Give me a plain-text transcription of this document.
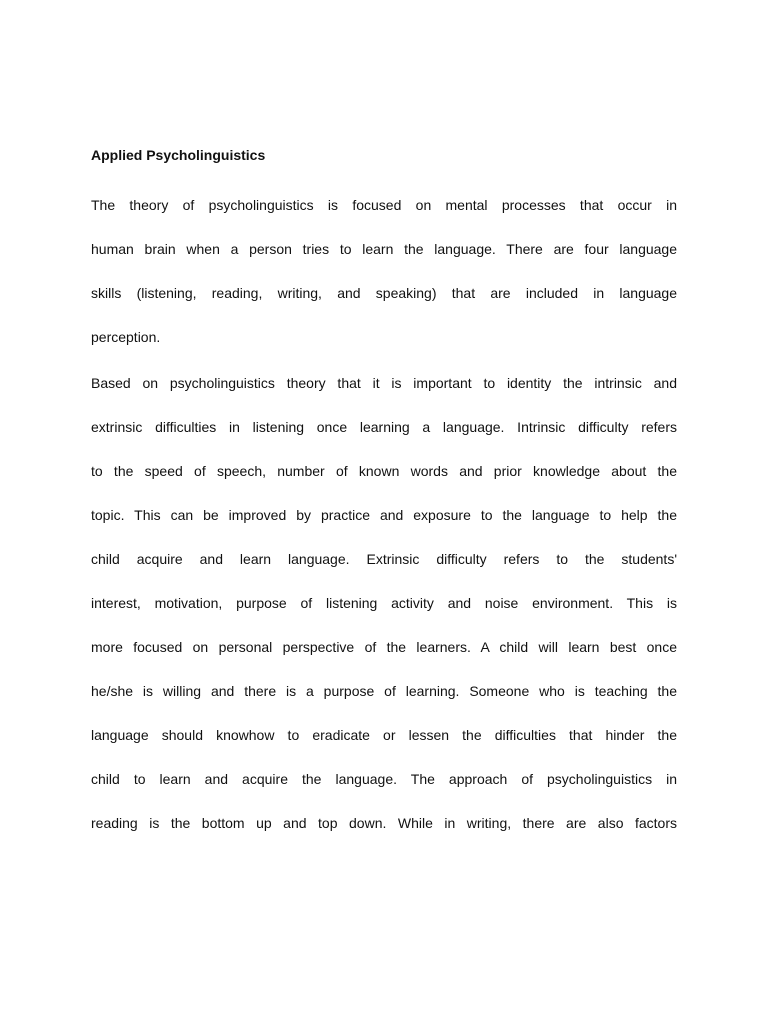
Applied Psycholinguistics
The theory of psycholinguistics is focused on mental processes that occur in
human brain when a person tries to learn the language. There are four language
skills (listening, reading, writing, and speaking) that are included in language
perception.
Based on psycholinguistics theory that it is important to identity the intrinsic and
extrinsic difficulties in listening once learning a language. Intrinsic difficulty refers
to the speed of speech, number of known words and prior knowledge about the
topic. This can be improved by practice and exposure to the language to help the
child acquire and learn language. Extrinsic difficulty refers to the students'
interest, motivation, purpose of listening activity and noise environment. This is
more focused on personal perspective of the learners. A child will learn best once
he/she is willing and there is a purpose of learning. Someone who is teaching the
language should knowhow to eradicate or lessen the difficulties that hinder the
child to learn and acquire the language. The approach of psycholinguistics in
reading is the bottom up and top down. While in writing, there are also factors
